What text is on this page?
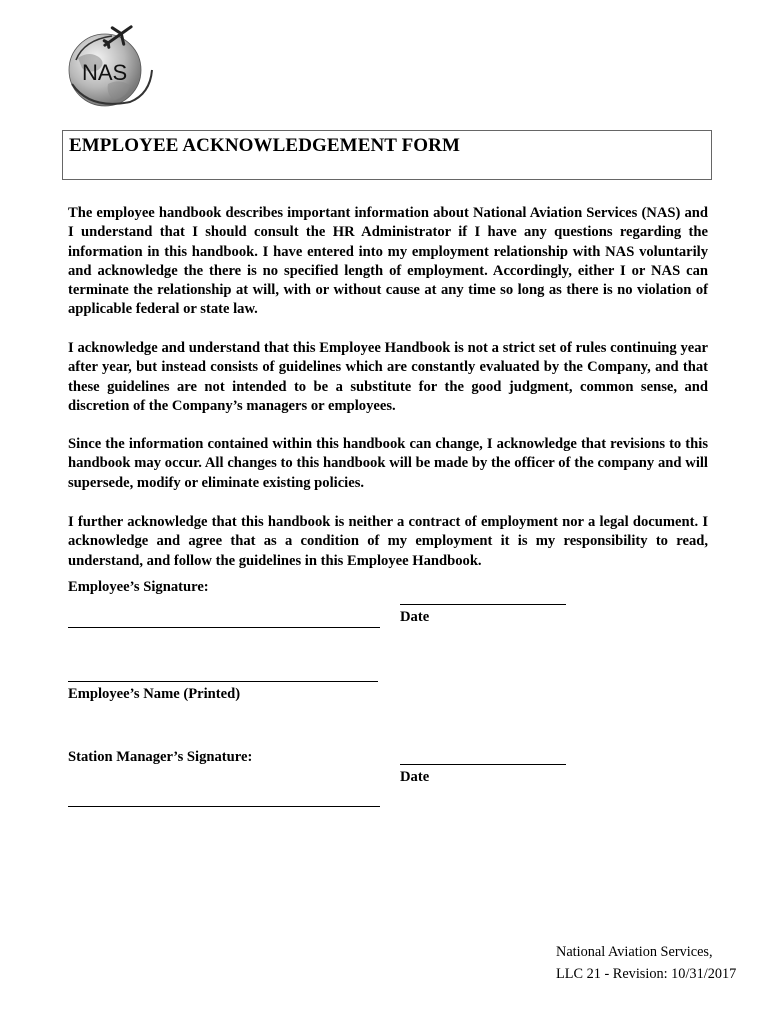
NAS

EMPLOYEE ACKNOWLEDGEMENT FORM

The employee handbook describes important information about National Aviation Services (NAS) and I understand that I should consult the HR Administrator if I have any questions regarding the information in this handbook. I have entered into my employment relationship with NAS voluntarily and acknowledge the there is no specified length of employment. Accordingly, either I or NAS can terminate the relationship at will, with or without cause at any time so long as there is no violation of applicable federal or state law.

I acknowledge and understand that this Employee Handbook is not a strict set of rules continuing year after year, but instead consists of guidelines which are constantly evaluated by the Company, and that these guidelines are not intended to be a substitute for the good judgment, common sense, and discretion of the Company’s managers or employees.

Since the information contained within this handbook can change, I acknowledge that revisions to this handbook may occur. All changes to this handbook will be made by the officer of the company and will supersede, modify or eliminate existing policies.

I further acknowledge that this handbook is neither a contract of employment nor a legal document. I acknowledge and agree that as a condition of my employment it is my responsibility to read, understand, and follow the guidelines in this Employee Handbook.

Employee’s Signature:

Date

Employee’s Name (Printed)

Station Manager’s Signature:

Date

National Aviation Services,

LLC 21 - Revision: 10/31/2017
